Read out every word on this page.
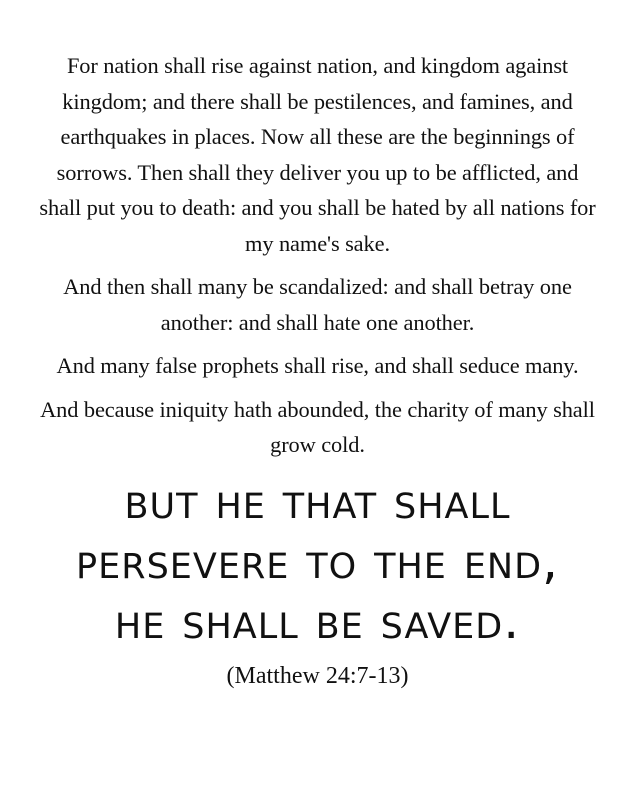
For nation shall rise against nation, and kingdom against kingdom; and there shall be pestilences, and famines, and earthquakes in places. Now all these are the beginnings of sorrows. Then shall they deliver you up to be afflicted, and shall put you to death: and you shall be hated by all nations for my name's sake.

And then shall many be scandalized: and shall betray one another: and shall hate one another.

And many false prophets shall rise, and shall seduce many.

And because iniquity hath abounded, the charity of many shall grow cold.

but he that shall
persevere to the end,
he shall be saved.
(Matthew 24:7-13)
